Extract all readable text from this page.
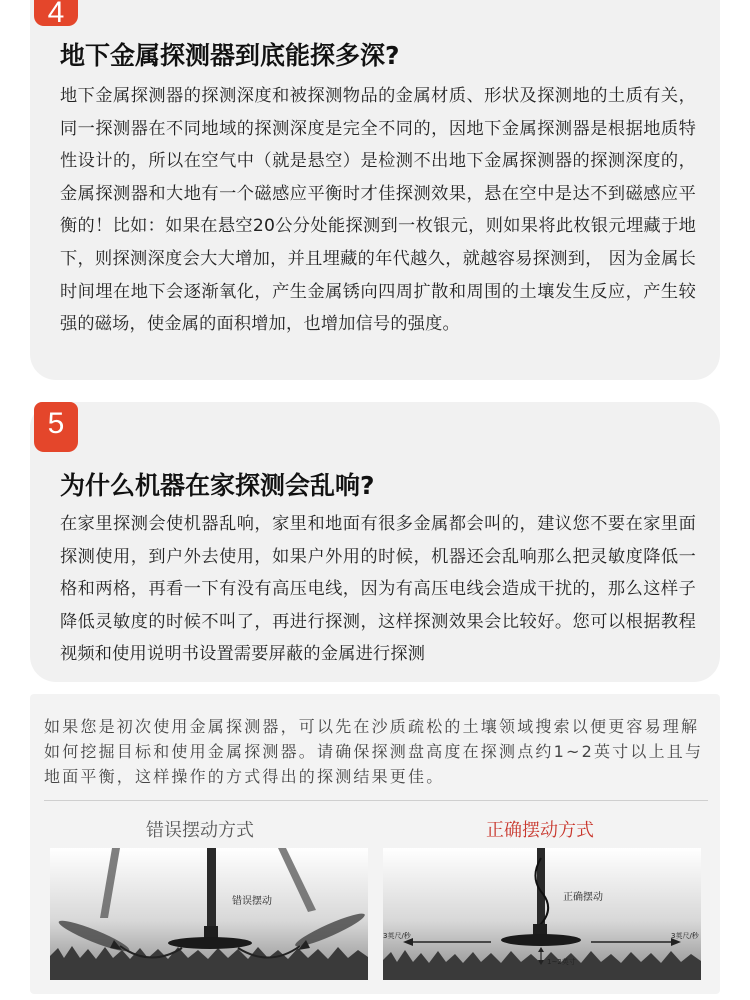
4
地下金属探测器到底能探多深?

地下金属探测器的探测深度和被探测物品的金属材质、形状及探测地的土质有关，同一探测器在不同地域的探测深度是完全不同的，因地下金属探测器是根据地质特性设计的，所以在空气中（就是悬空）是检测不出地下金属探测器的探测深度的，金属探测器和大地有一个磁感应平衡时才佳探测效果，悬在空中是达不到磁感应平衡的！比如：如果在悬空20公分处能探测到一枚银元，则如果将此枚银元埋藏于地下，则探测深度会大大增加，并且埋藏的年代越久，就越容易探测到， 因为金属长时间埋在地下会逐渐氧化，产生金属锈向四周扩散和周围的土壤发生反应，产生较强的磁场，使金属的面积增加，也增加信号的强度。

5
为什么机器在家探测会乱响?

在家里探测会使机器乱响，家里和地面有很多金属都会叫的，建议您不要在家里面探测使用，到户外去使用，如果户外用的时候，机器还会乱响那么把灵敏度降低一格和两格，再看一下有没有高压电线，因为有高压电线会造成干扰的，那么这样子降低灵敏度的时候不叫了，再进行探测，这样探测效果会比较好。您可以根据教程视频和使用说明书设置需要屏蔽的金属进行探测

如果您是初次使用金属探测器，可以先在沙质疏松的土壤领域搜索以便更容易理解如何挖掘目标和使用金属探测器。请确保探测盘高度在探测点约1~2英寸以上且与地面平衡，这样操作的方式得出的探测结果更佳。

错误摆动方式	正确摆动方式
错误摆动	正确摆动
3英尺/秒	3英尺/秒
1~2英寸
